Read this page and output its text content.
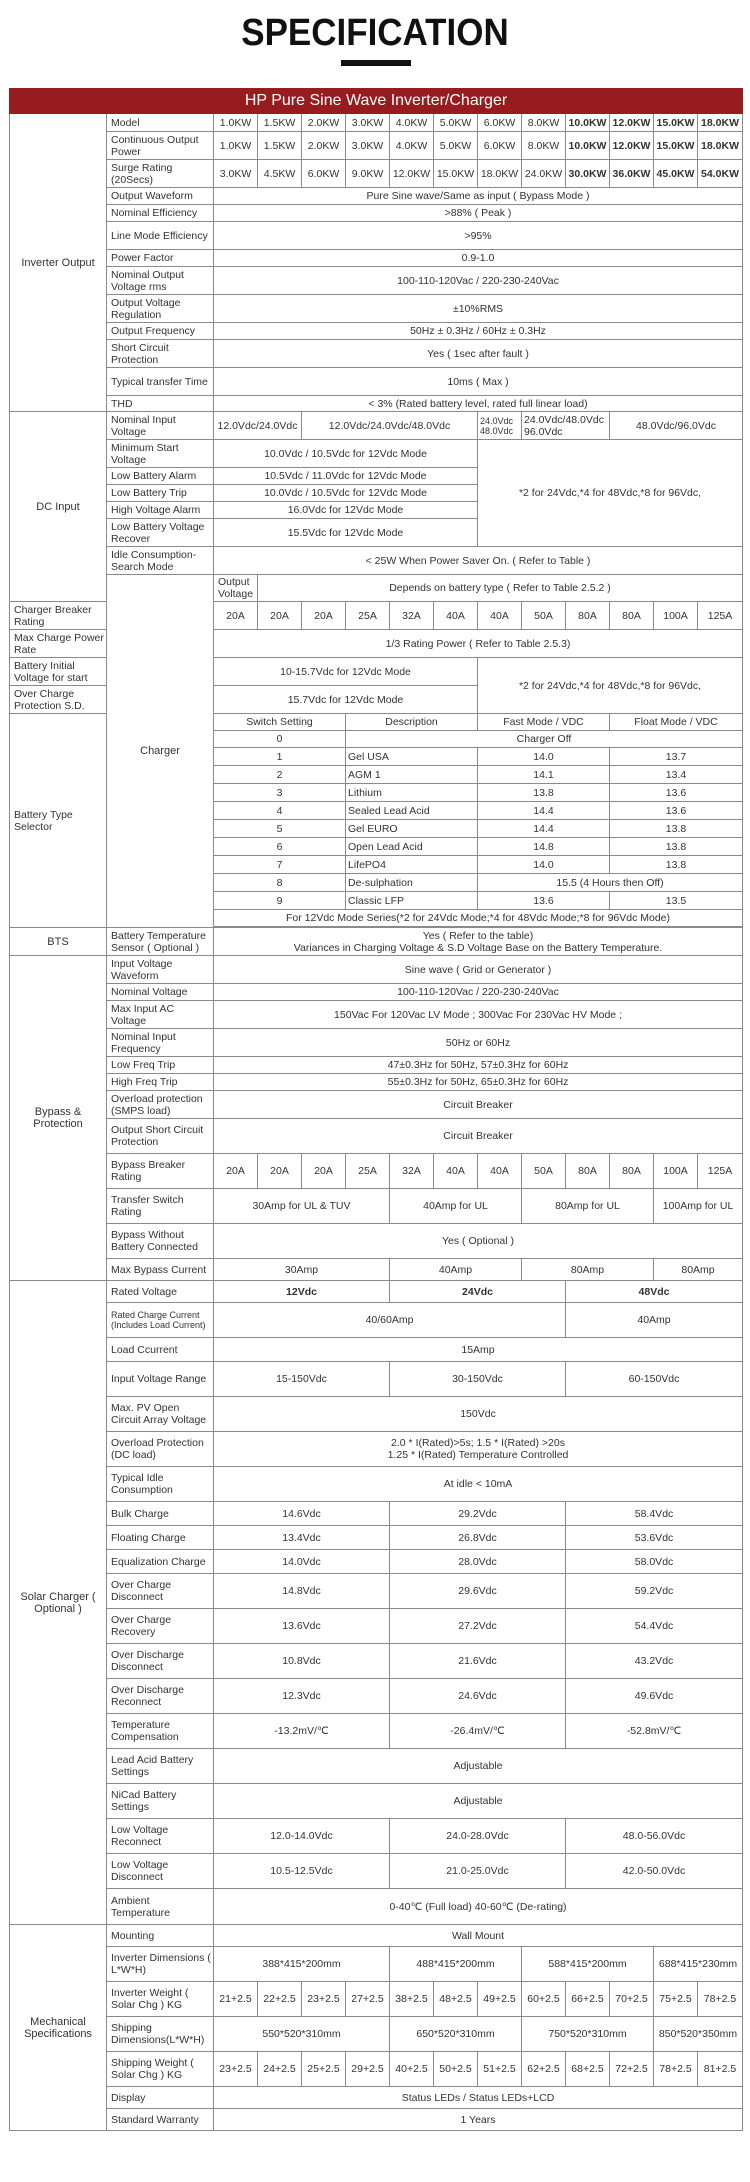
SPECIFICATION
HP Pure Sine Wave Inverter/Charger													
Inverter Output	Model	1.0KW	1.5KW	2.0KW	3.0KW	4.0KW	5.0KW	6.0KW	8.0KW	10.0KW	12.0KW	15.0KW	18.0KW
	Continuous Output Power	1.0KW	1.5KW	2.0KW	3.0KW	4.0KW	5.0KW	6.0KW	8.0KW	10.0KW	12.0KW	15.0KW	18.0KW
	Surge Rating (20Secs)	3.0KW	4.5KW	6.0KW	9.0KW	12.0KW	15.0KW	18.0KW	24.0KW	30.0KW	36.0KW	45.0KW	54.0KW
	Output Waveform	Pure Sine wave/Same as input ( Bypass Mode )											
	Nominal Efficiency	>88% ( Peak )											
	Line Mode Efficiency	>95%											
	Power Factor	0.9-1.0											
	Nominal Output Voltage rms	100-110-120Vac / 220-230-240Vac											
	Output Voltage Regulation	±10%RMS											
	Output Frequency	50Hz ± 0.3Hz / 60Hz ± 0.3Hz											
	Short Circuit Protection	Yes ( 1sec after fault )											
	Typical transfer Time	10ms ( Max )											
	THD	< 3% (Rated battery level, rated full linear load)											
DC Input	Nominal Input Voltage	12.0Vdc/24.0Vdc		12.0Vdc/24.0Vdc/48.0Vdc				24.0Vdc 48.0Vdc	24.0Vdc/48.0Vdc 96.0Vdc		48.0Vdc/96.0Vdc		
	Minimum Start Voltage	10.0Vdc / 10.5Vdc for 12Vdc Mode						*2 for 24Vdc,*4 for 48Vdc,*8 for 96Vdc,					
	Low Battery Alarm	10.5Vdc / 11.0Vdc for 12Vdc Mode											
	Low Battery Trip	10.0Vdc / 10.5Vdc for 12Vdc Mode											
	High Voltage Alarm	16.0Vdc for 12Vdc Mode											
	Low Battery Voltage Recover	15.5Vdc for 12Vdc Mode											
	Idle Consumption-Search Mode	< 25W When Power Saver On. ( Refer to Table )											
	Charger	Output Voltage	Depends on battery type ( Refer to Table 2.5.2 )										
Charger Breaker Rating		20A	20A	20A	25A	32A	40A	40A	50A	80A	80A	100A	125A
Max Charge Power Rate		1/3 Rating Power ( Refer to Table 2.5.3)											
Battery Initial Voltage for start		10-15.7Vdc for 12Vdc Mode						*2 for 24Vdc,*4 for 48Vdc,*8 for 96Vdc,					
Over Charge Protection S.D.		15.7Vdc for 12Vdc Mode											
Battery Type Selector		Switch Setting			Description			Fast Mode / VDC			Float Mode / VDC		
		0			Charger Off								
		1			Gel USA			14.0			13.7		
		2			AGM 1			14.1			13.4		
		3			Lithium			13.8			13.6		
		4			Sealed Lead Acid			14.4			13.6		
		5			Gel EURO			14.4			13.8		
		6			Open Lead Acid			14.8			13.8		
		7			LifePO4			14.0			13.8		
		8			De-sulphation			15.5 (4 Hours then Off)					
		9			Classic LFP			13.6			13.5		
		For 12Vdc Mode Series(*2 for 24Vdc Mode;*4 for 48Vdc Mode;*8 for 96Vdc Mode)											

BTS	Battery Temperature Sensor ( Optional )	Yes ( Refer to the table)
Variances in Charging Voltage & S.D Voltage Base on the Battery Temperature.											

Bypass & Protection	Input Voltage Waveform	Sine wave ( Grid or Generator )											
	Nominal Voltage	100-110-120Vac / 220-230-240Vac											
	Max Input AC Voltage	150Vac For 120Vac LV Mode ; 300Vac For 230Vac HV Mode ;											
	Nominal Input Frequency	50Hz or 60Hz											
	Low Freq Trip	47±0.3Hz for 50Hz, 57±0.3Hz for 60Hz											
	High Freq Trip	55±0.3Hz for 50Hz, 65±0.3Hz for 60Hz											
	Overload protection (SMPS load)	Circuit Breaker											
	Output Short Circuit Protection	Circuit Breaker											
	Bypass Breaker Rating	20A	20A	20A	25A	32A	40A	40A	50A	80A	80A	100A	125A
	Transfer Switch Rating	30Amp for UL & TUV				40Amp for UL			80Amp for UL			100Amp for UL	
	Bypass Without Battery Connected	Yes ( Optional )											
	Max Bypass Current	30Amp				40Amp			80Amp			80Amp	
Solar Charger ( Optional )	Rated Voltage	12Vdc				24Vdc				48Vdc			
	Rated Charge Current (Includes Load Current)	40/60Amp								40Amp			
	Load Ccurrent	15Amp											
	Input Voltage Range	15-150Vdc				30-150Vdc				60-150Vdc			
	Max. PV Open Circuit Array Voltage	150Vdc											
	Overload Protection (DC load)	2.0 * I(Rated)>5s; 1.5 * I(Rated) >20s
1.25 * I(Rated) Temperature Controlled											

	Typical Idle Consumption	At idle < 10mA											
	Bulk Charge	14.6Vdc				29.2Vdc				58.4Vdc			
	Floating Charge	13.4Vdc				26.8Vdc				53.6Vdc			
	Equalization Charge	14.0Vdc				28.0Vdc				58.0Vdc			
	Over Charge Disconnect	14.8Vdc				29.6Vdc				59.2Vdc			
	Over Charge Recovery	13.6Vdc				27.2Vdc				54.4Vdc			
	Over Discharge Disconnect	10.8Vdc				21.6Vdc				43.2Vdc			
	Over Discharge Reconnect	12.3Vdc				24.6Vdc				49.6Vdc			
	Temperature Compensation	-13.2mV/℃				-26.4mV/℃				-52.8mV/℃			
	Lead Acid Battery Settings	Adjustable											
	NiCad Battery Settings	Adjustable											
	Low Voltage Reconnect	12.0-14.0Vdc				24.0-28.0Vdc				48.0-56.0Vdc			
	Low Voltage Disconnect	10.5-12.5Vdc				21.0-25.0Vdc				42.0-50.0Vdc			
	Ambient Temperature	0-40℃ (Full load) 40-60℃ (De-rating)											
Mechanical Specifications	Mounting	Wall Mount											
	Inverter Dimensions ( L*W*H)	388*415*200mm				488*415*200mm			588*415*200mm			688*415*230mm	
	Inverter Weight ( Solar Chg ) KG	21+2.5	22+2.5	23+2.5	27+2.5	38+2.5	48+2.5	49+2.5	60+2.5	66+2.5	70+2.5	75+2.5	78+2.5
	Shipping Dimensions(L*W*H)	550*520*310mm				650*520*310mm			750*520*310mm			850*520*350mm	
	Shipping Weight ( Solar Chg ) KG	23+2.5	24+2.5	25+2.5	29+2.5	40+2.5	50+2.5	51+2.5	62+2.5	68+2.5	72+2.5	78+2.5	81+2.5
	Display	Status LEDs / Status LEDs+LCD											
	Standard Warranty	1 Years											
